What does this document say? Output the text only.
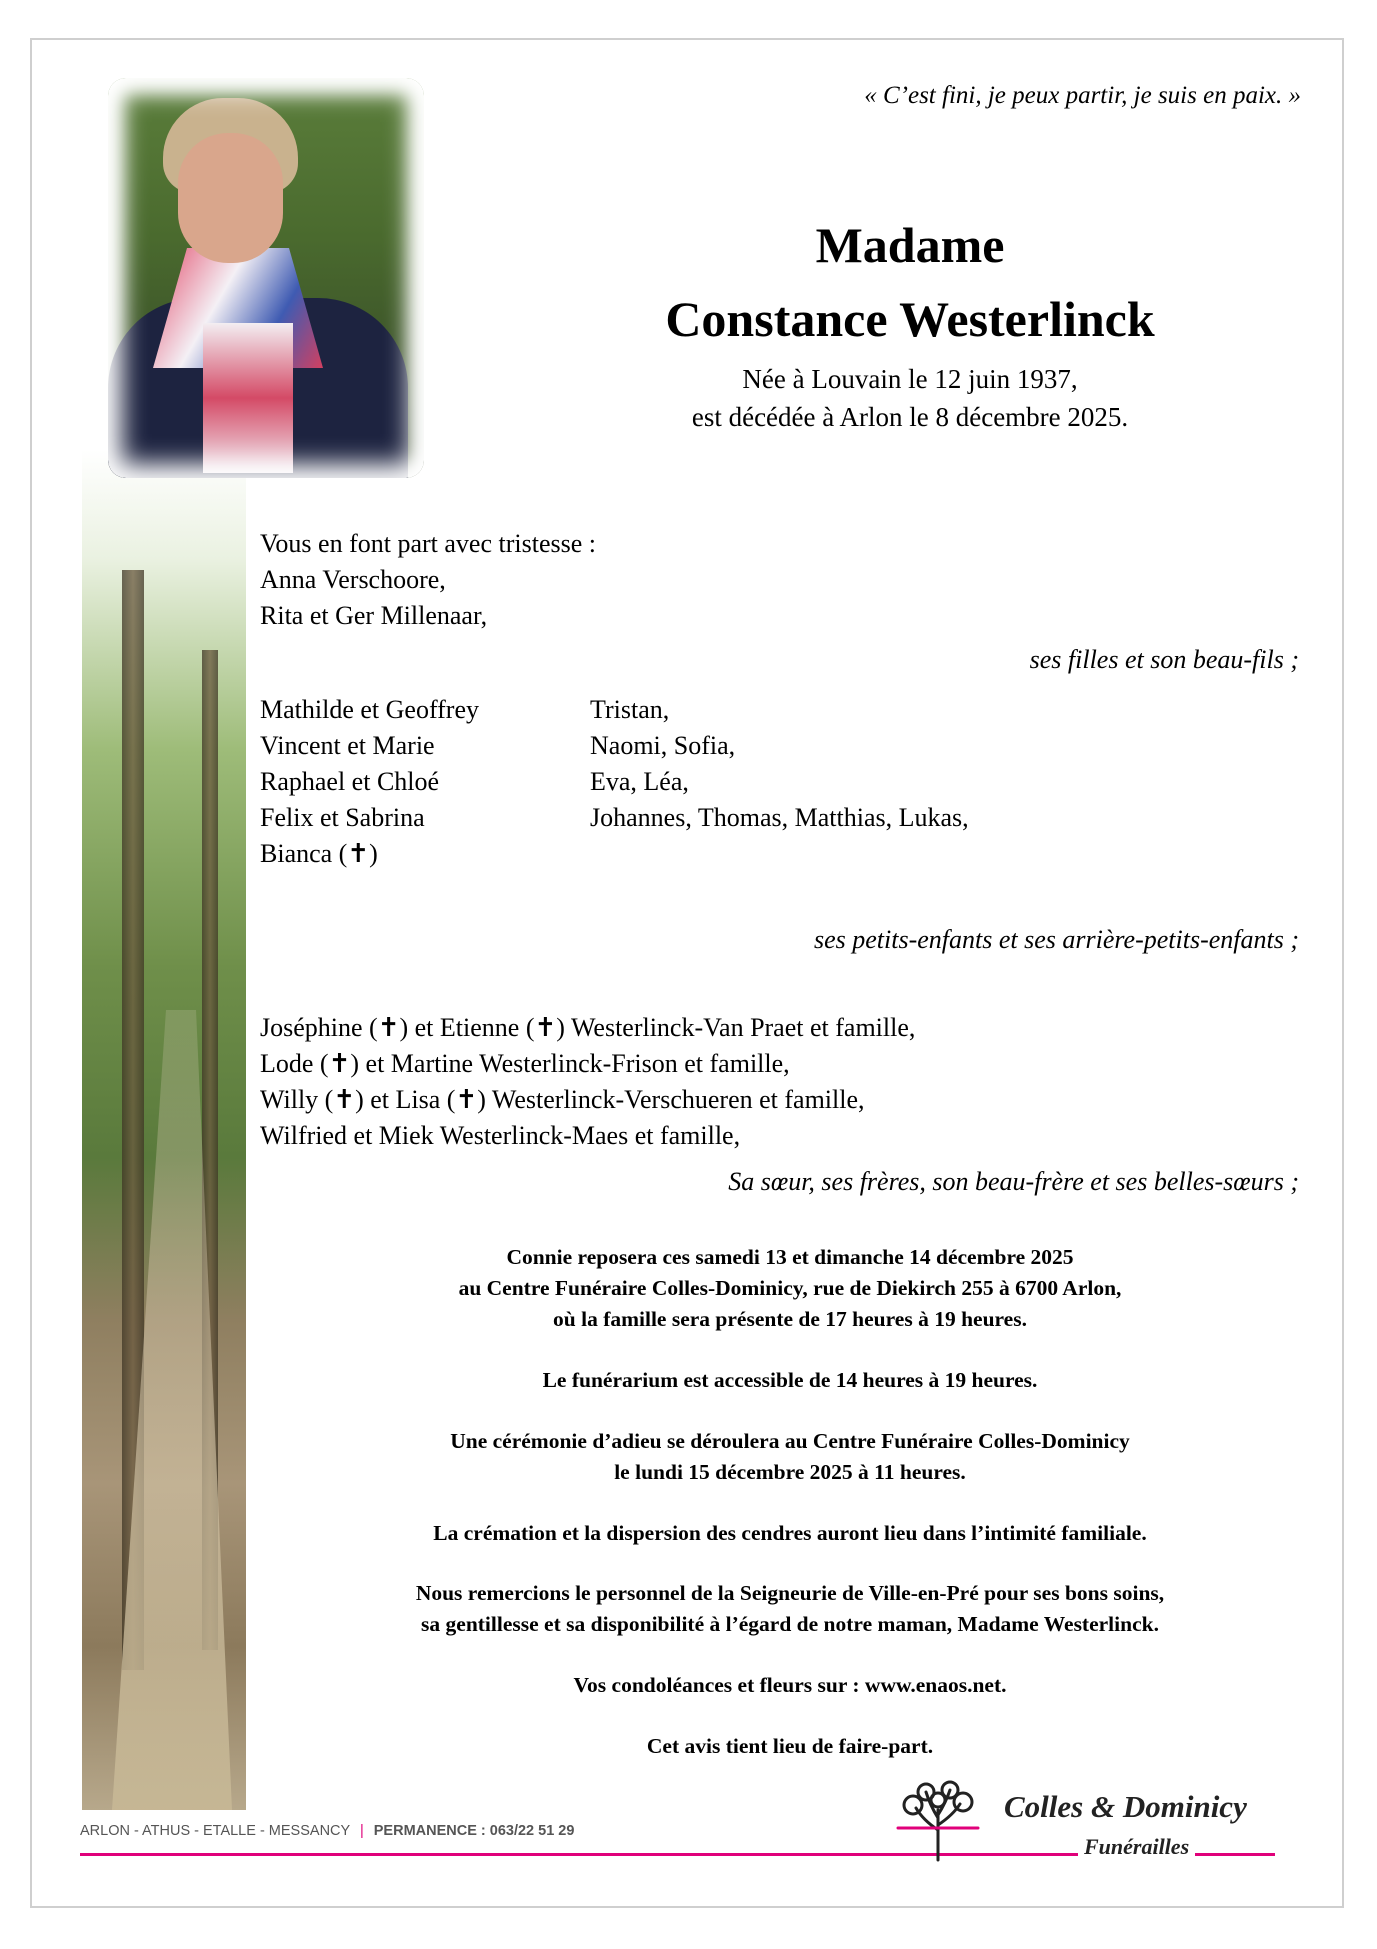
« C’est fini, je peux partir, je suis en paix. »
Madame
Constance Westerlinck
Née à Louvain le 12 juin 1937,
est décédée à Arlon le 8 décembre 2025.
Vous en font part avec tristesse :
Anna Verschoore,
Rita et Ger Millenaar,
ses filles et son beau-fils ;
Mathilde et Geoffrey	Tristan,
Vincent et Marie	Naomi, Sofia,
Raphael et Chloé	Eva, Léa,
Felix et Sabrina	Johannes, Thomas, Matthias, Lukas,
Bianca (✝)
ses petits-enfants et ses arrière-petits-enfants ;
Joséphine (✝) et Etienne (✝) Westerlinck-Van Praet et famille,
Lode (✝) et Martine Westerlinck-Frison et famille,
Willy (✝) et Lisa (✝) Westerlinck-Verschueren et famille,
Wilfried et Miek Westerlinck-Maes et famille,
Sa sœur, ses frères, son beau-frère et ses belles-sœurs ;
Connie reposera ces samedi 13 et dimanche 14 décembre 2025
au Centre Funéraire Colles-Dominicy, rue de Diekirch 255 à 6700 Arlon,
où la famille sera présente de 17 heures à 19 heures.
Le funérarium est accessible de 14 heures à 19 heures.
Une cérémonie d’adieu se déroulera au Centre Funéraire Colles-Dominicy
le lundi 15 décembre 2025 à 11 heures.
La crémation et la dispersion des cendres auront lieu dans l’intimité familiale.
Nous remercions le personnel de la Seigneurie de Ville-en-Pré pour ses bons soins,
sa gentillesse et sa disponibilité à l’égard de notre maman, Madame Westerlinck.
Vos condoléances et fleurs sur : www.enaos.net.
Cet avis tient lieu de faire-part.
ARLON - ATHUS - ETALLE - MESSANCY | PERMANENCE : 063/22 51 29
Colles & Dominicy
Funérailles
